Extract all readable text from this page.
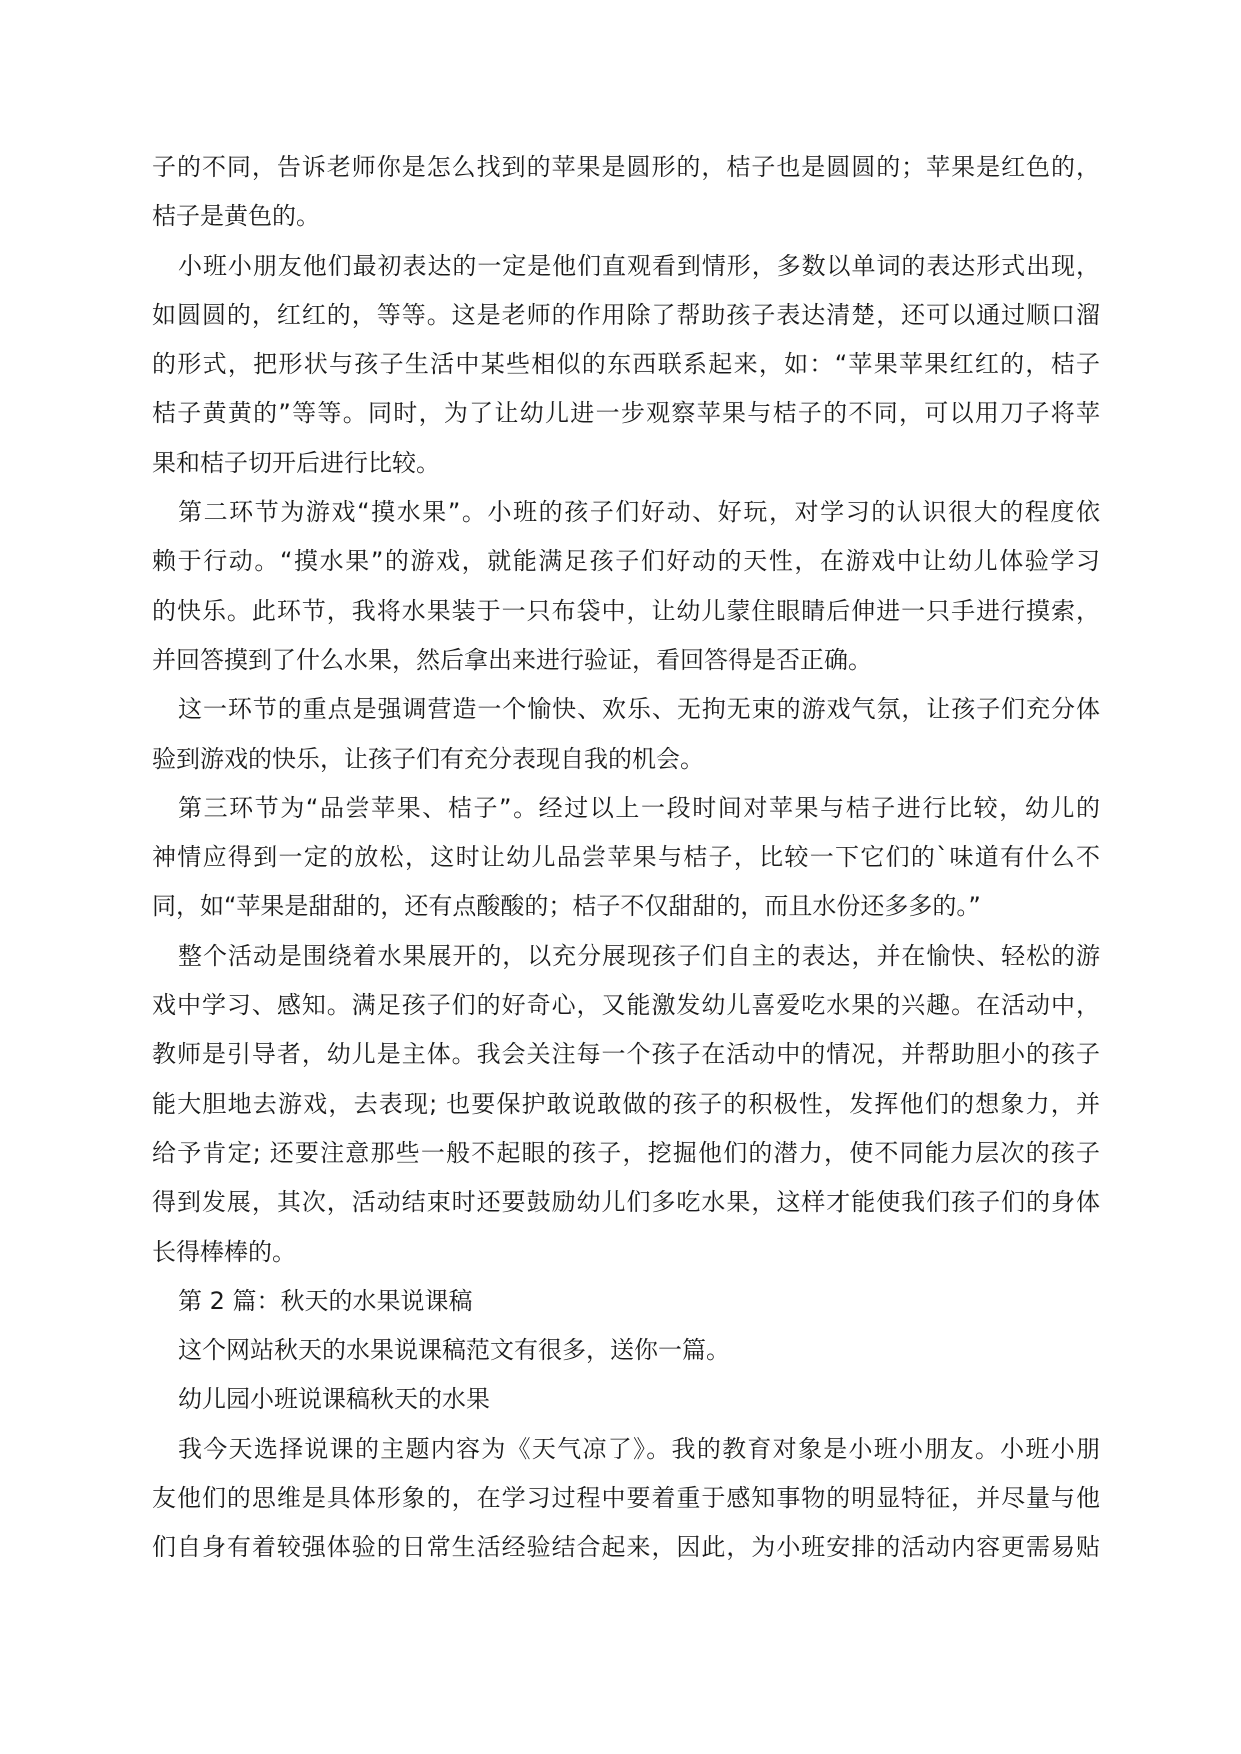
子的不同，告诉老师你是怎么找到的苹果是圆形的，桔子也是圆圆的；苹果是红色的，
桔子是黄色的。

小班小朋友他们最初表达的一定是他们直观看到情形，多数以单词的表达形式出现，
如圆圆的，红红的，等等。这是老师的作用除了帮助孩子表达清楚，还可以通过顺口溜
的形式，把形状与孩子生活中某些相似的东西联系起来，如：“苹果苹果红红的，桔子
桔子黄黄的”等等。同时，为了让幼儿进一步观察苹果与桔子的不同，可以用刀子将苹
果和桔子切开后进行比较。

第二环节为游戏“摸水果”。小班的孩子们好动、好玩，对学习的认识很大的程度依
赖于行动。“摸水果”的游戏，就能满足孩子们好动的天性，在游戏中让幼儿体验学习
的快乐。此环节，我将水果装于一只布袋中，让幼儿蒙住眼睛后伸进一只手进行摸索，
并回答摸到了什么水果，然后拿出来进行验证，看回答得是否正确。

这一环节的重点是强调营造一个愉快、欢乐、无拘无束的游戏气氛，让孩子们充分体
验到游戏的快乐，让孩子们有充分表现自我的机会。

第三环节为“品尝苹果、桔子”。经过以上一段时间对苹果与桔子进行比较，幼儿的
神情应得到一定的放松，这时让幼儿品尝苹果与桔子，比较一下它们的`味道有什么不
同，如“苹果是甜甜的，还有点酸酸的；桔子不仅甜甜的，而且水份还多多的。”

整个活动是围绕着水果展开的，以充分展现孩子们自主的表达，并在愉快、轻松的游
戏中学习、感知。满足孩子们的好奇心，又能激发幼儿喜爱吃水果的兴趣。在活动中，
教师是引导者，幼儿是主体。我会关注每一个孩子在活动中的情况，并帮助胆小的孩子
能大胆地去游戏，去表现; 也要保护敢说敢做的孩子的积极性，发挥他们的想象力，并
给予肯定; 还要注意那些一般不起眼的孩子，挖掘他们的潜力，使不同能力层次的孩子
得到发展，其次，活动结束时还要鼓励幼儿们多吃水果，这样才能使我们孩子们的身体
长得棒棒的。

第 2 篇：秋天的水果说课稿

这个网站秋天的水果说课稿范文有很多，送你一篇。

幼儿园小班说课稿秋天的水果

我今天选择说课的主题内容为《天气凉了》。我的教育对象是小班小朋友。小班小朋
友他们的思维是具体形象的，在学习过程中要着重于感知事物的明显特征，并尽量与他
们自身有着较强体验的日常生活经验结合起来，因此，为小班安排的活动内容更需易贴
